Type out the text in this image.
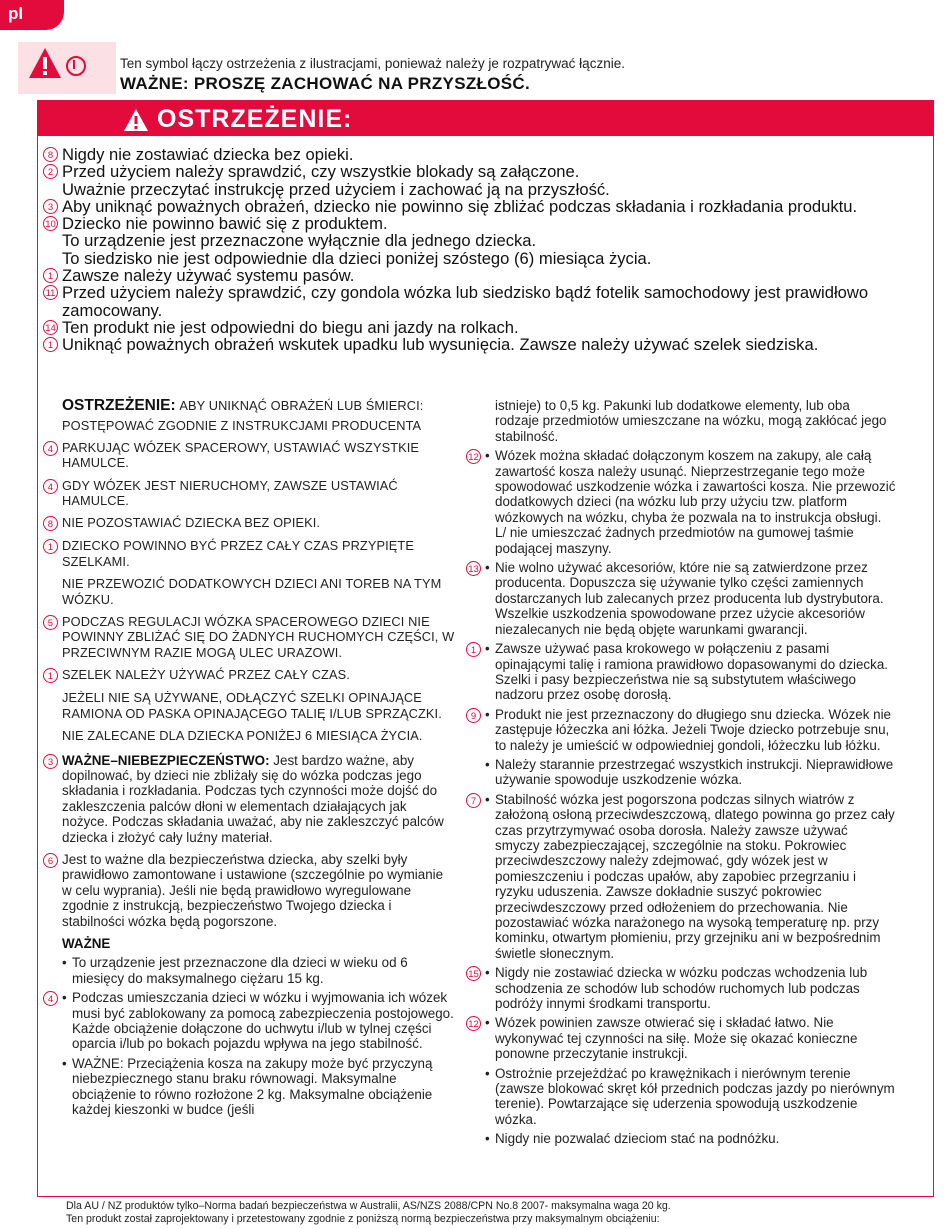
pl
Ten symbol łączy ostrzeżenia z ilustracjami, ponieważ należy je rozpatrywać łącznie.
WAŻNE: PROSZĘ ZACHOWAĆ NA PRZYSZŁOŚĆ.
OSTRZEŻENIE:
8 Nigdy nie zostawiać dziecka bez opieki.
2 Przed użyciem należy sprawdzić, czy wszystkie blokady są załączone.
Uważnie przeczytać instrukcję przed użyciem i zachować ją na przyszłość.
3 Aby uniknąć poważnych obrażeń, dziecko nie powinno się zbliżać podczas składania i rozkładania produktu.
10 Dziecko nie powinno bawić się z produktem.
To urządzenie jest przeznaczone wyłącznie dla jednego dziecka.
To siedzisko nie jest odpowiednie dla dzieci poniżej szóstego (6) miesiąca życia.
1 Zawsze należy używać systemu pasów.
11 Przed użyciem należy sprawdzić, czy gondola wózka lub siedzisko bądź fotelik samochodowy jest prawidłowo zamocowany.
14 Ten produkt nie jest odpowiedni do biegu ani jazdy na rolkach.
1 Uniknąć poważnych obrażeń wskutek upadku lub wysunięcia. Zawsze należy używać szelek siedziska.
OSTRZEŻENIE: ABY UNIKNĄĆ OBRAŻEŃ LUB ŚMIERCI:
POSTĘPOWAĆ ZGODNIE Z INSTRUKCJAMI PRODUCENTA
4 PARKUJĄC WÓZEK SPACEROWY, USTAWIAĆ WSZYSTKIE HAMULCE.
4 GDY WÓZEK JEST NIERUCHOMY, ZAWSZE USTAWIAĆ HAMULCE.
8 NIE POZOSTAWIAĆ DZIECKA BEZ OPIEKI.
1 DZIECKO POWINNO BYĆ PRZEZ CAŁY CZAS PRZYPIĘTE SZELKAMI.
NIE PRZEWOZIĆ DODATKOWYCH DZIECI ANI TOREB NA TYM WÓZKU.
5 PODCZAS REGULACJI WÓZKA SPACEROWEGO DZIECI NIE POWINNY ZBLIŻAĆ SIĘ DO ŻADNYCH RUCHOMYCH CZĘŚCI, W PRZECIWNYM RAZIE MOGĄ ULEC URAZOWI.
1 SZELEK NALEŻY UŻYWAĆ PRZEZ CAŁY CZAS.
JEŻELI NIE SĄ UŻYWANE, ODŁĄCZYĆ SZELKI OPINAJĄCE RAMIONA OD PASKA OPINAJĄCEGO TALIĘ I/LUB SPRZĄCZKI.
NIE ZALECANE DLA DZIECKA PONIŻEJ 6 MIESIĄCA ŻYCIA.
3 WAŻNE–NIEBEZPIECZEŃSTWO: Jest bardzo ważne, aby dopilnować, by dzieci nie zbliżały się do wózka podczas jego składania i rozkładania. Podczas tych czynności może dojść do zakleszczenia palców dłoni w elementach działających jak nożyce. Podczas składania uważać, aby nie zakleszczyć palców dziecka i złożyć cały luźny materiał.
6 Jest to ważne dla bezpieczeństwa dziecka, aby szelki były prawidłowo zamontowane i ustawione (szczególnie po wymianie w celu wyprania). Jeśli nie będą prawidłowo wyregulowane zgodnie z instrukcją, bezpieczeństwo Twojego dziecka i stabilności wózka będą pogorszone.
WAŻNE
• To urządzenie jest przeznaczone dla dzieci w wieku od 6 miesięcy do maksymalnego ciężaru 15 kg.
4	• Podczas umieszczania dzieci w wózku i wyjmowania ich wózek musi być zablokowany za pomocą zabezpieczenia postojowego. Każde obciążenie dołączone do uchwytu i/lub w tylnej części oparcia i/lub po bokach pojazdu wpływa na jego stabilność.
• WAŻNE: Przeciążenia kosza na zakupy może być przyczyną niebezpiecznego stanu braku równowagi. Maksymalne obciążenie to równo rozłożone 2 kg. Maksymalne obciążenie każdej kieszonki w budce (jeśli
istnieje) to 0,5 kg. Pakunki lub dodatkowe elementy, lub oba rodzaje przedmiotów umieszczane na wózku, mogą zakłócać jego stabilność.
12 • Wózek można składać dołączonym koszem na zakupy, ale całą zawartość kosza należy usunąć. Nieprzestrzeganie tego może spowodować uszkodzenie wózka i zawartości kosza. Nie przewozić dodatkowych dzieci (na wózku lub przy użyciu tzw. platform wózkowych na wózku, chyba że pozwala na to instrukcja obsługi. L/ nie umieszczać żadnych przedmiotów na gumowej taśmie podającej maszyny.
13 • Nie wolno używać akcesoriów, które nie są zatwierdzone przez producenta. Dopuszcza się używanie tylko części zamiennych dostarczanych lub zalecanych przez producenta lub dystrybutora. Wszelkie uszkodzenia spowodowane przez użycie akcesoriów niezalecanych nie będą objęte warunkami gwarancji.
1	• Zawsze używać pasa krokowego w połączeniu z pasami opinającymi talię i ramiona prawidłowo dopasowanymi do dziecka. Szelki i pasy bezpieczeństwa nie są substytutem właściwego nadzoru przez osobę dorosłą.
9	• Produkt nie jest przeznaczony do długiego snu dziecka. Wózek nie zastępuje łóżeczka ani łóżka. Jeżeli Twoje dziecko potrzebuje snu, to należy je umieścić w odpowiedniej gondoli, łóżeczku lub łóżku.
• Należy starannie przestrzegać wszystkich instrukcji. Nieprawidłowe używanie spowoduje uszkodzenie wózka.
7	• Stabilność wózka jest pogorszona podczas silnych wiatrów z założoną osłoną przeciwdeszczową, dlatego powinna go przez cały czas przytrzymywać osoba dorosła. Należy zawsze używać smyczy zabezpieczającej, szczególnie na stoku. Pokrowiec przeciwdeszczowy należy zdejmować, gdy wózek jest w pomieszczeniu i podczas upałów, aby zapobiec przegrzaniu i ryzyku uduszenia. Zawsze dokładnie suszyć pokrowiec przeciwdeszczowy przed odłożeniem do przechowania. Nie pozostawiać wózka narażonego na wysoką temperaturę np. przy kominku, otwartym płomieniu, przy grzejniku ani w bezpośrednim świetle słonecznym.
15 • Nigdy nie zostawiać dziecka w wózku podczas wchodzenia lub schodzenia ze schodów lub schodów ruchomych lub podczas podróży innymi środkami transportu.
12 • Wózek powinien zawsze otwierać się i składać łatwo. Nie wykonywać tej czynności na siłę. Może się okazać konieczne ponowne przeczytanie instrukcji.
• Ostrożnie przejeżdżać po krawężnikach i nierównym terenie (zawsze blokować skręt kół przednich podczas jazdy po nierównym terenie). Powtarzające się uderzenia spowodują uszkodzenie wózka.
• Nigdy nie pozwalać dzieciom stać na podnóżku.
Dla AU / NZ produktów tylko–Norma badań bezpieczeństwa w Australii, AS/NZS 2088/CPN No.8 2007- maksymalna waga 20 kg.
Ten produkt został zaprojektowany i przetestowany zgodnie z poniższą normą bezpieczeństwa przy maksymalnym obciążeniu:
